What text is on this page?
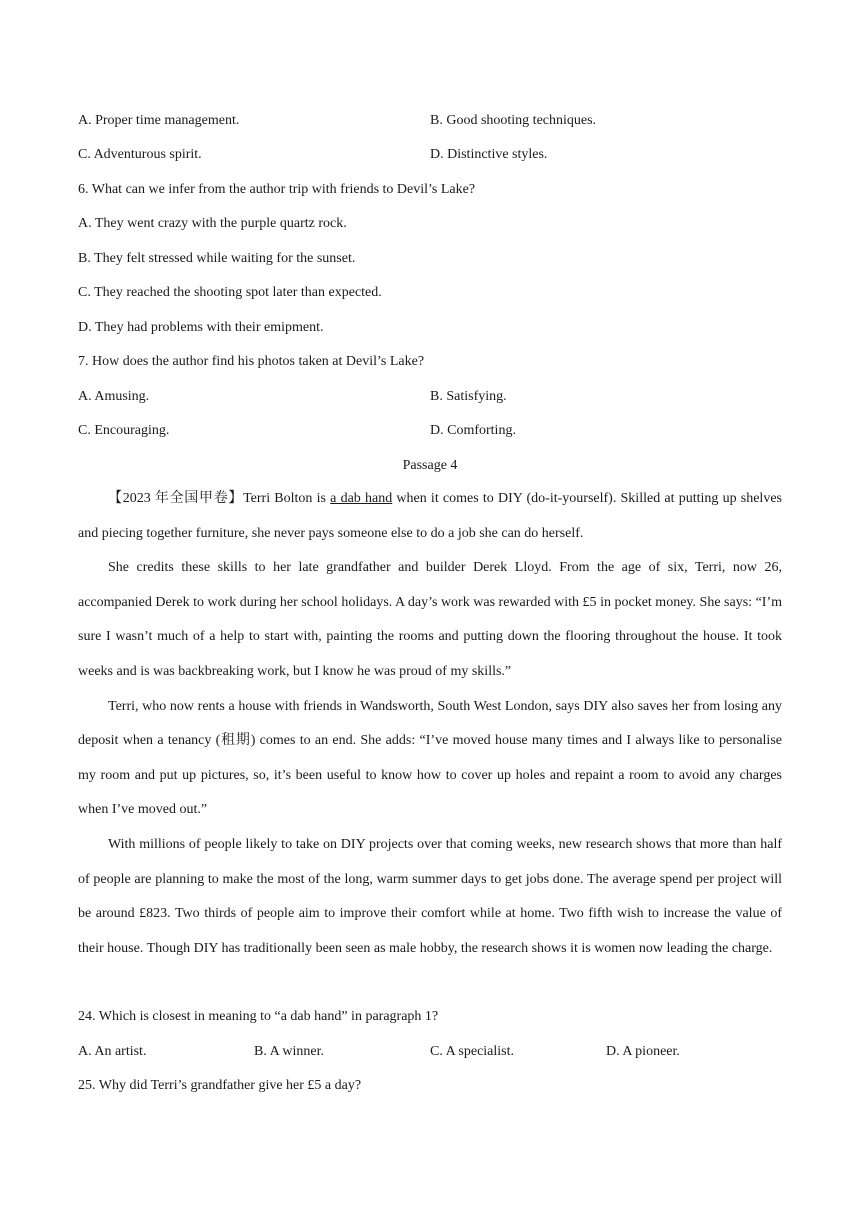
A. Proper time management.	B. Good shooting techniques.
C. Adventurous spirit.	D. Distinctive styles.
6. What can we infer from the author trip with friends to Devil’s Lake?
A. They went crazy with the purple quartz rock.
B. They felt stressed while waiting for the sunset.
C. They reached the shooting spot later than expected.
D. They had problems with their emipment.
7. How does the author find his photos taken at Devil’s Lake?
A. Amusing.	B. Satisfying.
C. Encouraging.	D. Comforting.
Passage 4

【2023 年全国甲卷】Terri Bolton is a dab hand when it comes to DIY (do-it-yourself). Skilled at putting up shelves and piecing together furniture, she never pays someone else to do a job she can do herself.

She credits these skills to her late grandfather and builder Derek Lloyd. From the age of six, Terri, now 26, accompanied Derek to work during her school holidays. A day’s work was rewarded with £5 in pocket money. She says: “I’m sure I wasn’t much of a help to start with, painting the rooms and putting down the flooring throughout the house. It took weeks and is was backbreaking work, but I know he was proud of my skills.”

Terri, who now rents a house with friends in Wandsworth, South West London, says DIY also saves her from losing any deposit when a tenancy (租期) comes to an end. She adds: “I’ve moved house many times and I always like to personalise my room and put up pictures, so, it’s been useful to know how to cover up holes and repaint a room to avoid any charges when I’ve moved out.”

With millions of people likely to take on DIY projects over that coming weeks, new research shows that more than half of people are planning to make the most of the long, warm summer days to get jobs done. The average spend per project will be around £823. Two thirds of people aim to improve their comfort while at home. Two fifth wish to increase the value of their house. Though DIY has traditionally been seen as male hobby, the research shows it is women now leading the charge.

24. Which is closest in meaning to “a dab hand” in paragraph 1?
A. An artist.	B. A winner.	C. A specialist.	D. A pioneer.
25. Why did Terri’s grandfather give her £5 a day?
